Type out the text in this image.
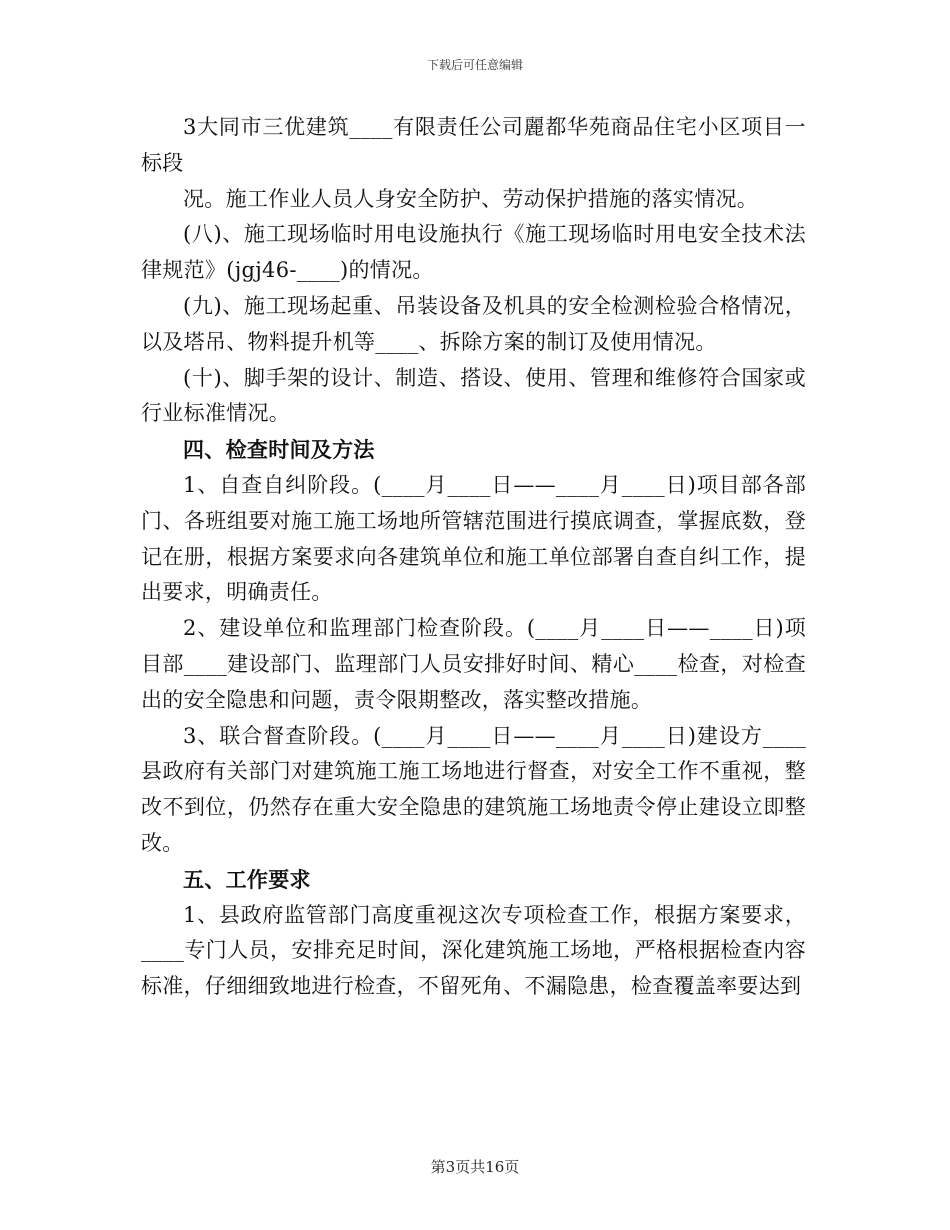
下载后可任意编辑

3大同市三优建筑____有限责任公司麗都华苑商品住宅小区项目一标段

况。施工作业人员人身安全防护、劳动保护措施的落实情况。

(八)、施工现场临时用电设施执行《施工现场临时用电安全技术法律规范》(jgj46-____)的情况。

(九)、施工现场起重、吊装设备及机具的安全检测检验合格情况，以及塔吊、物料提升机等____、拆除方案的制订及使用情况。

(十)、脚手架的设计、制造、搭设、使用、管理和维修符合国家或行业标准情况。

四、检查时间及方法

1、自查自纠阶段。(____月____日——____月____日)项目部各部门、各班组要对施工施工场地所管辖范围进行摸底调查，掌握底数，登记在册，根据方案要求向各建筑单位和施工单位部署自查自纠工作，提出要求，明确责任。

2、建设单位和监理部门检查阶段。(____月____日——____日)项目部____建设部门、监理部门人员安排好时间、精心____检查，对检查出的安全隐患和问题，责令限期整改，落实整改措施。

3、联合督查阶段。(____月____日——____月____日)建设方____县政府有关部门对建筑施工施工场地进行督查，对安全工作不重视，整改不到位，仍然存在重大安全隐患的建筑施工场地责令停止建设立即整改。

五、工作要求

1、县政府监管部门高度重视这次专项检查工作，根据方案要求，____专门人员，安排充足时间，深化建筑施工场地，严格根据检查内容标准，仔细细致地进行检查，不留死角、不漏隐患，检查覆盖率要达到

第3页共16页
